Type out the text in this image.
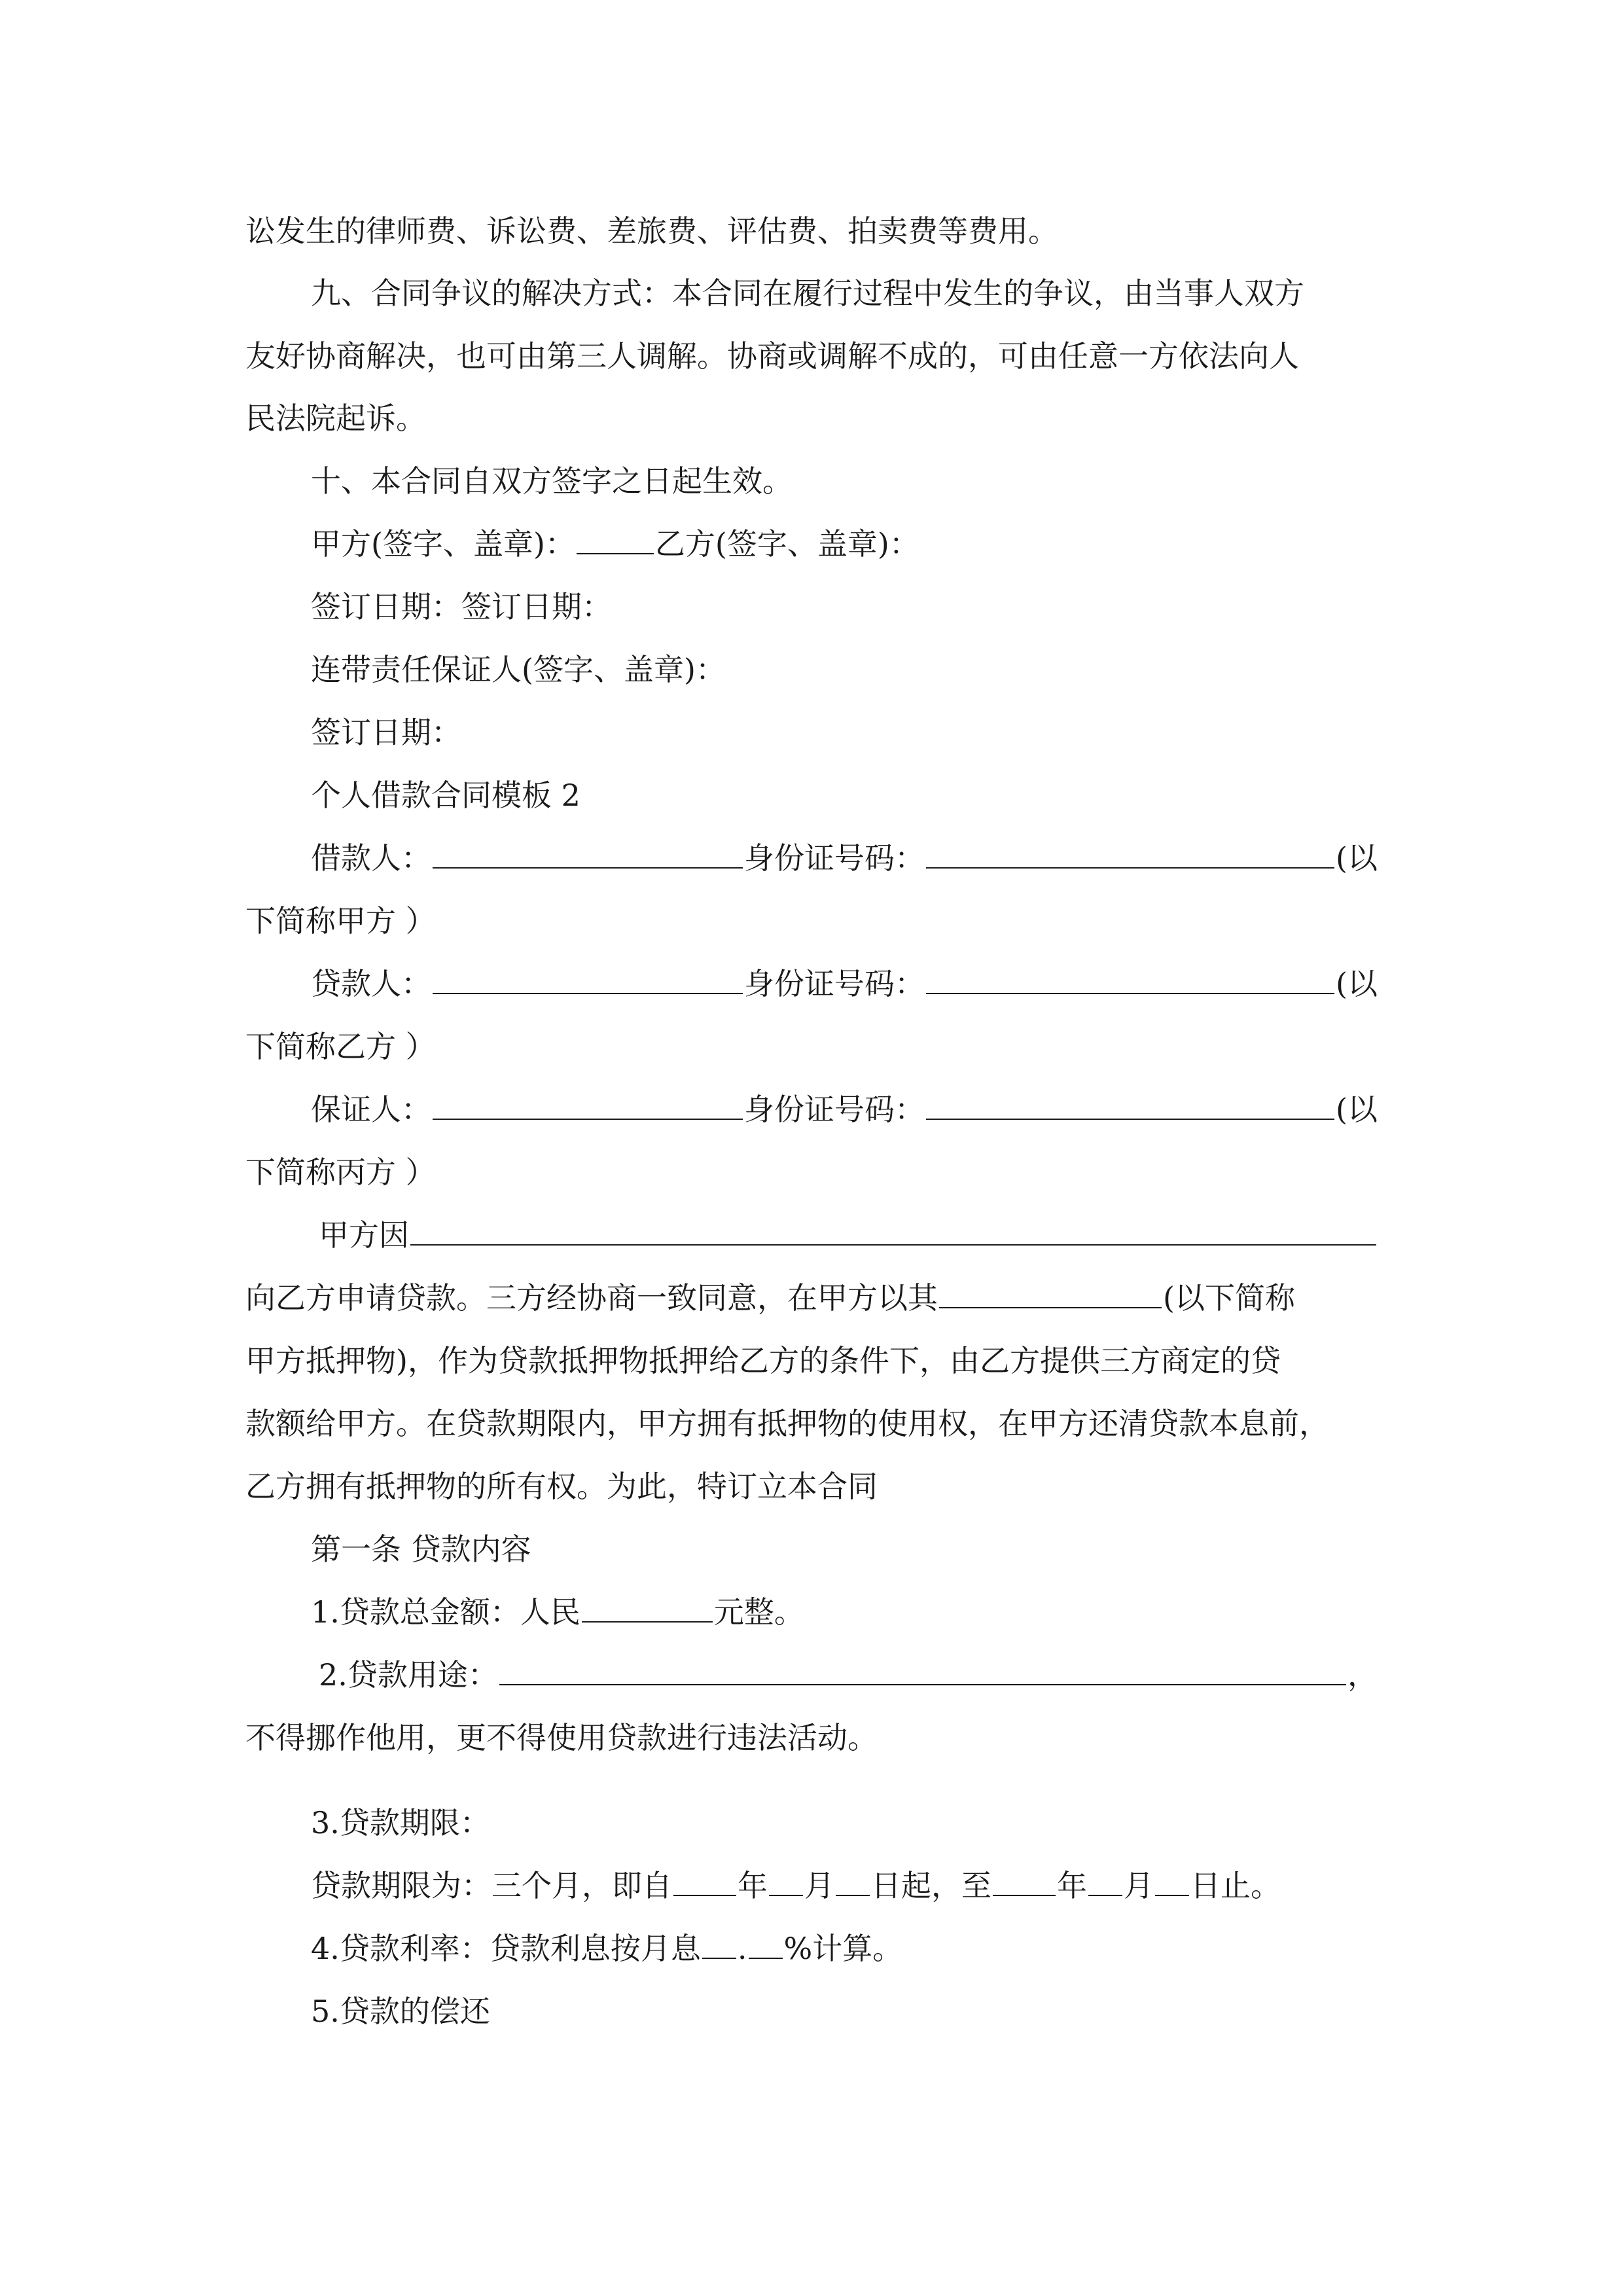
讼发生的律师费、诉讼费、差旅费、评估费、拍卖费等费用。
九、合同争议的解决方式：本合同在履行过程中发生的争议，由当事人双方
友好协商解决，也可由第三人调解。协商或调解不成的，可由任意一方依法向人
民法院起诉。
十、本合同自双方签字之日起生效。
甲方(签字、盖章)：	乙方(签字、盖章)：
签订日期：签订日期：
连带责任保证人(签字、盖章)：
签订日期：
个人借款合同模板 2
借款人：	身份证号码：	(以
下简称甲方 ）
贷款人：	身份证号码：	(以
下简称乙方 ）
保证人：	身份证号码：	(以
下简称丙方 ）
甲方因
向乙方申请贷款。三方经协商一致同意，在甲方以其	(以下简称
甲方抵押物)，作为贷款抵押物抵押给乙方的条件下，由乙方提供三方商定的贷
款额给甲方。在贷款期限内，甲方拥有抵押物的使用权，在甲方还清贷款本息前，
乙方拥有抵押物的所有权。为此，特订立本合同
第一条 贷款内容
1.贷款总金额：人民	元整。
2.贷款用途：	，
不得挪作他用，更不得使用贷款进行违法活动。
3.贷款期限：
贷款期限为：三个月，即自 年 月 日起，至 年 月 日止。
4.贷款利率：贷款利息按月息 . %计算。
5.贷款的偿还
